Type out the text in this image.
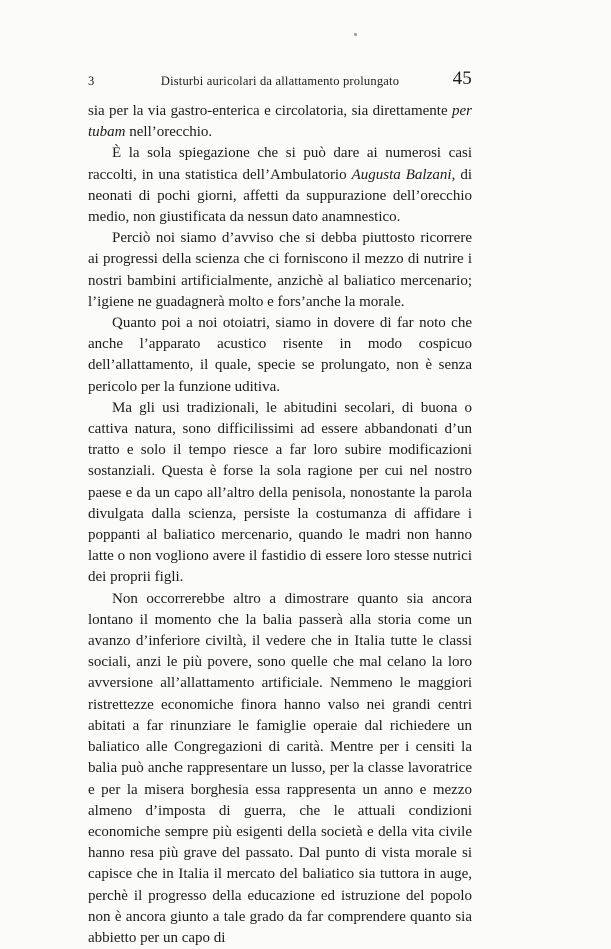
3	Disturbi auricolari da allattamento prolungato	45

sia per la via gastro-enterica e circolatoria, sia direttamente per tubam nell’orecchio.

È la sola spiegazione che si può dare ai numerosi casi raccolti, in una statistica dell’Ambulatorio Augusta Balzani, di neonati di pochi giorni, affetti da suppurazione dell’orecchio medio, non giustificata da nessun dato anamnestico.

Perciò noi siamo d’avviso che si debba piuttosto ricorrere ai progressi della scienza che ci forniscono il mezzo di nutrire i nostri bambini artificialmente, anzichè al baliatico mercenario; l’igiene ne guadagnerà molto e fors’anche la morale.

Quanto poi a noi otoiatri, siamo in dovere di far noto che anche l’apparato acustico risente in modo cospicuo dell’allattamento, il quale, specie se prolungato, non è senza pericolo per la funzione uditiva.

Ma gli usi tradizionali, le abitudini secolari, di buona o cattiva natura, sono difficilissimi ad essere abbandonati d’un tratto e solo il tempo riesce a far loro subire modificazioni sostanziali. Questa è forse la sola ragione per cui nel nostro paese e da un capo all’altro della penisola, nonostante la parola divulgata dalla scienza, persiste la costumanza di affidare i poppanti al baliatico mercenario, quando le madri non hanno latte o non vogliono avere il fastidio di essere loro stesse nutrici dei proprii figli.

Non occorrerebbe altro a dimostrare quanto sia ancora lontano il momento che la balia passerà alla storia come un avanzo d’inferiore civiltà, il vedere che in Italia tutte le classi sociali, anzi le più povere, sono quelle che mal celano la loro avversione all’allattamento artificiale. Nemmeno le maggiori ristrettezze economiche finora hanno valso nei grandi centri abitati a far rinunziare le famiglie operaie dal richiedere un baliatico alle Congregazioni di carità. Mentre per i censiti la balia può anche rappresentare un lusso, per la classe lavoratrice e per la misera borghesia essa rappresenta un anno e mezzo almeno d’imposta di guerra, che le attuali condizioni economiche sempre più esigenti della società e della vita civile hanno resa più grave del passato. Dal punto di vista morale si capisce che in Italia il mercato del baliatico sia tuttora in auge, perchè il progresso della educazione ed istruzione del popolo non è ancora giunto a tale grado da far comprendere quanto sia abbietto per un capo di
